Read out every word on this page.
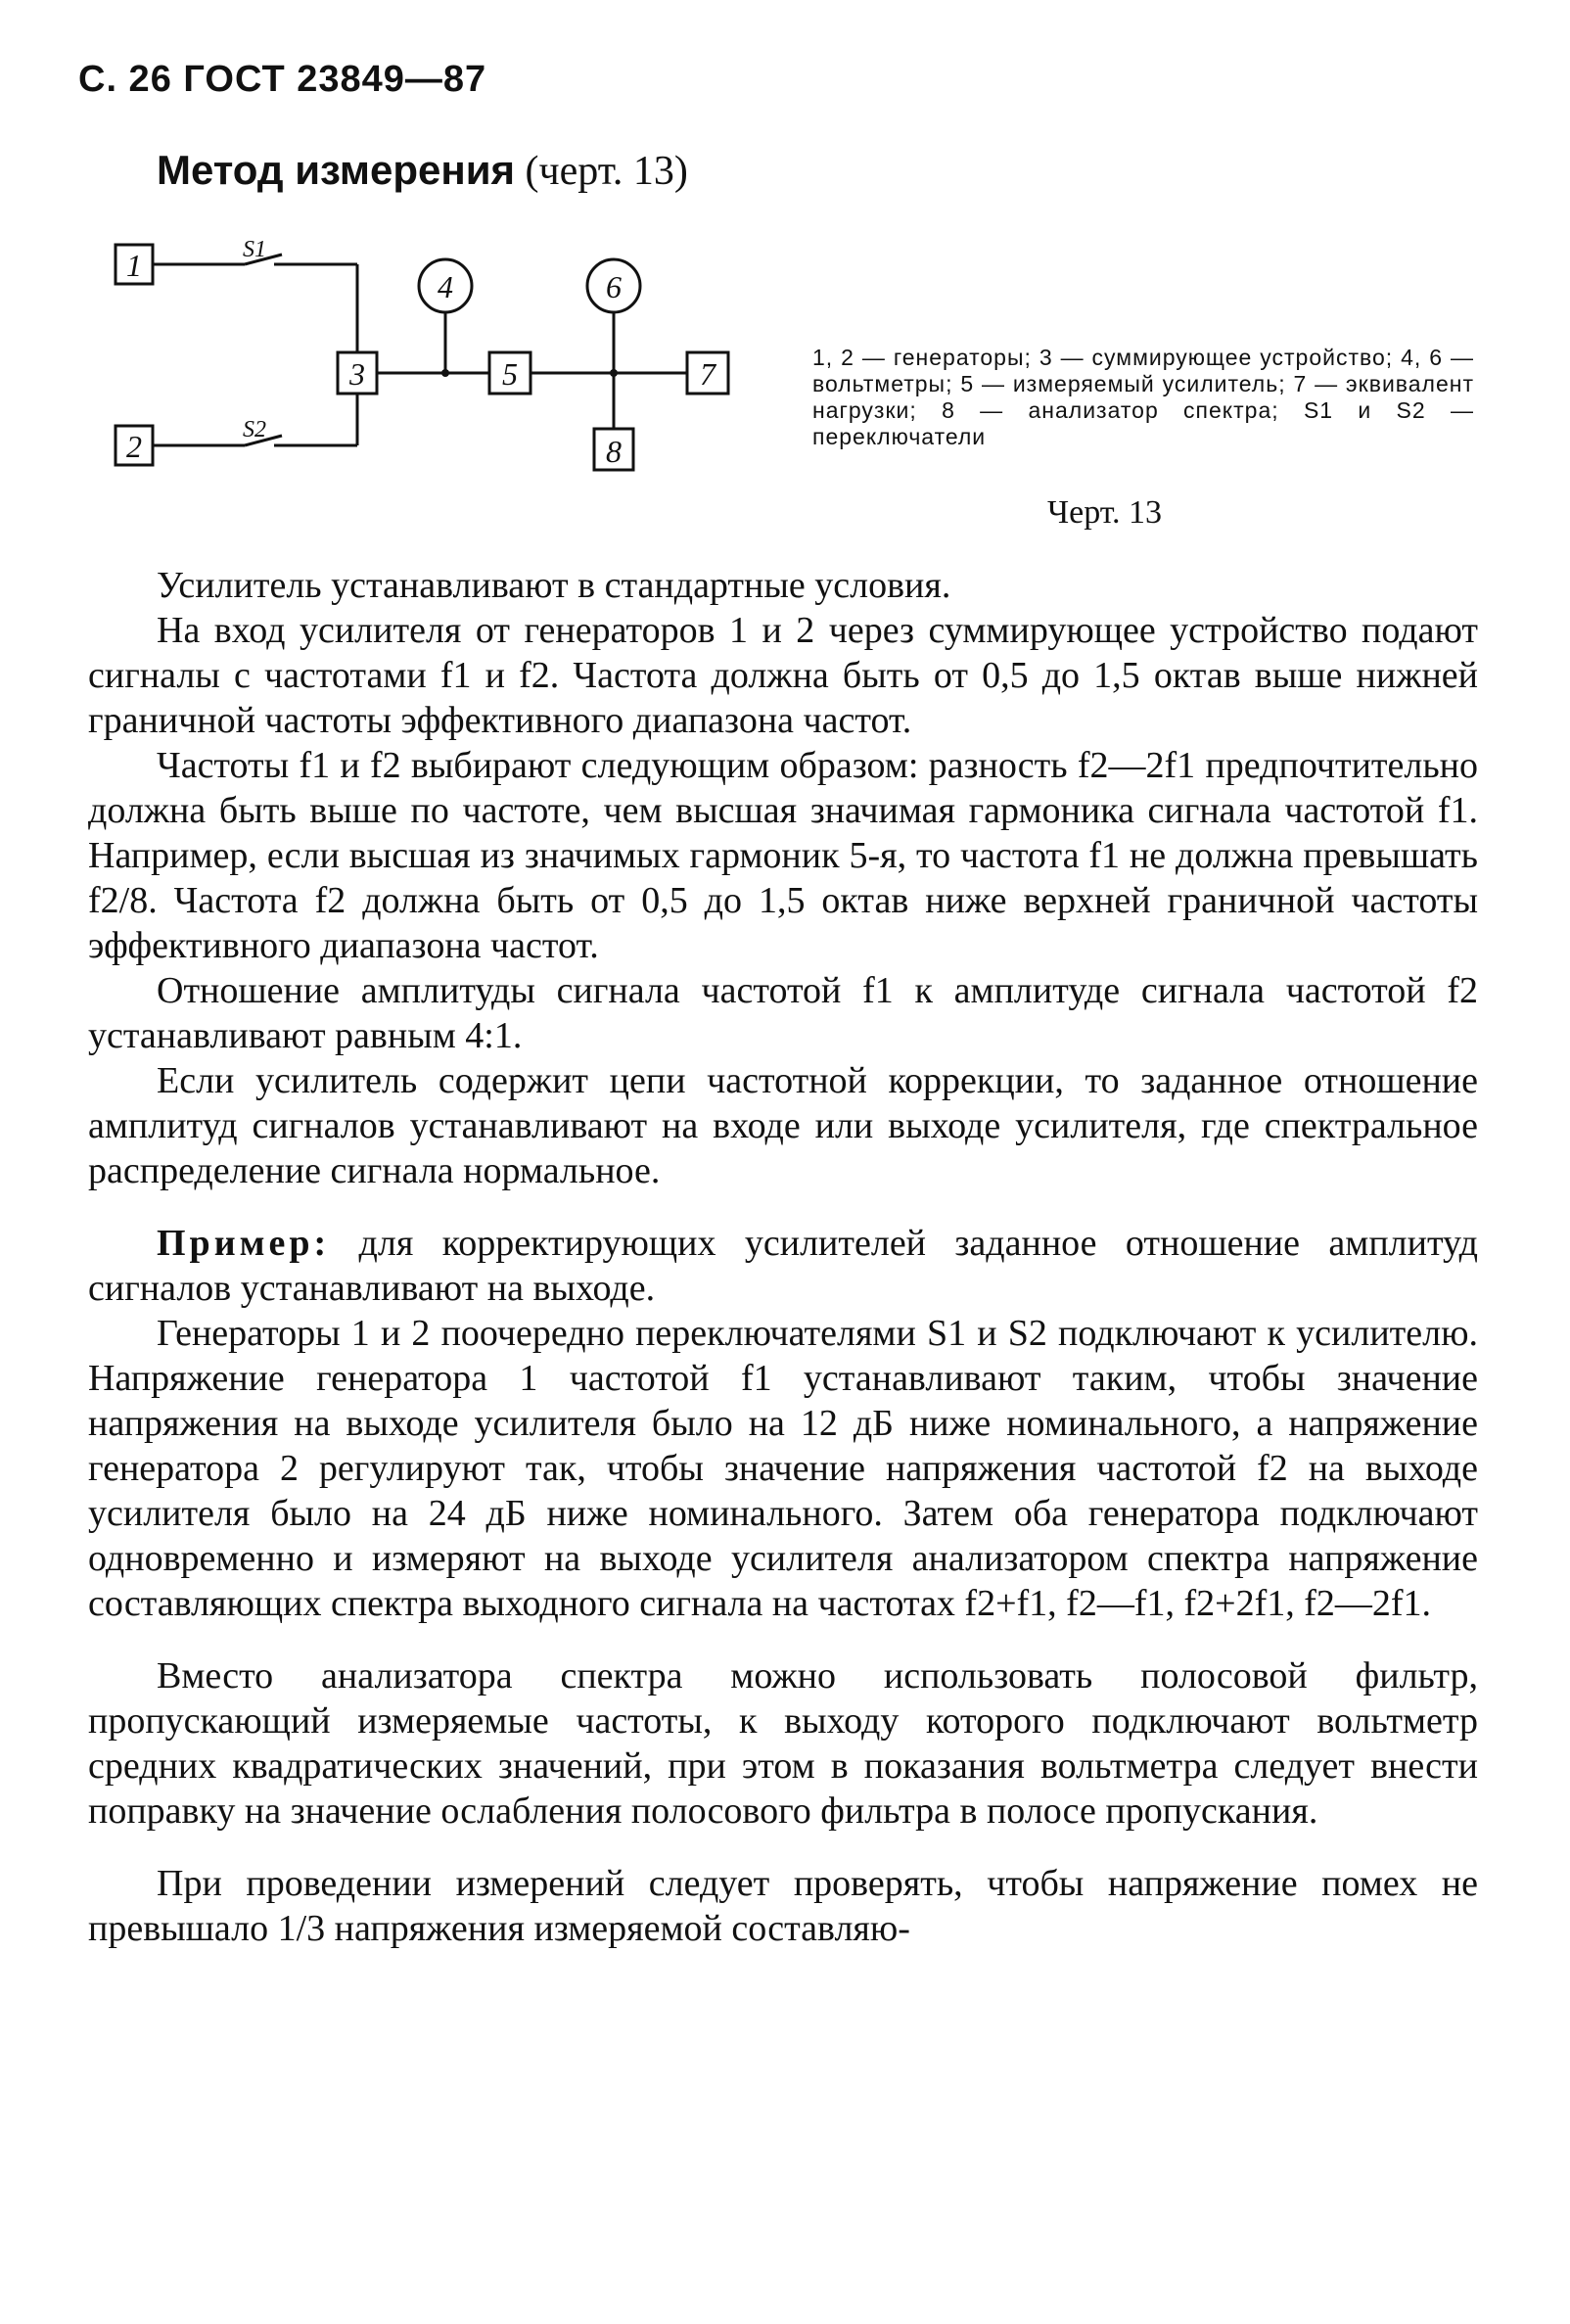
С. 26 ГОСТ 23849—87
Метод измерения (черт. 13)
1
2
3
4
5
6
7
8
S1
S2
1, 2 — генераторы; 3 — суммирующее устройство; 4, 6 — вольтметры; 5 — измеряемый усилитель; 7 — эквивалент нагрузки; 8 — анализатор спектра; S1 и S2 — переключатели
Черт. 13

Усилитель устанавливают в стандартные условия.

На вход усилителя от генераторов 1 и 2 через суммирующее устройство подают сигналы с частотами f1 и f2. Частота должна быть от 0,5 до 1,5 октав выше нижней граничной частоты эффективного диапазона частот.

Частоты f1 и f2 выбирают следующим образом: разность f2—2f1 предпочтительно должна быть выше по частоте, чем высшая значимая гармоника сигнала частотой f1. Например, если высшая из значимых гармоник 5-я, то частота f1 не должна превышать f2/8. Частота f2 должна быть от 0,5 до 1,5 октав ниже верхней граничной частоты эффективного диапазона частот.

Отношение амплитуды сигнала частотой f1 к амплитуде сигнала частотой f2 устанавливают равным 4:1.

Если усилитель содержит цепи частотной коррекции, то заданное отношение амплитуд сигналов устанавливают на входе или выходе усилителя, где спектральное распределение сигнала нормальное.

Пример: для корректирующих усилителей заданное отношение амплитуд сигналов устанавливают на выходе.

Генераторы 1 и 2 поочередно переключателями S1 и S2 подключают к усилителю. Напряжение генератора 1 частотой f1 устанавливают таким, чтобы значение напряжения на выходе усилителя было на 12 дБ ниже номинального, а напряжение генератора 2 регулируют так, чтобы значение напряжения частотой f2 на выходе усилителя было на 24 дБ ниже номинального. Затем оба генератора подключают одновременно и измеряют на выходе усилителя анализатором спектра напряжение составляющих спектра выходного сигнала на частотах f2+f1, f2—f1, f2+2f1, f2—2f1.

Вместо анализатора спектра можно использовать полосовой фильтр, пропускающий измеряемые частоты, к выходу которого подключают вольтметр средних квадратических значений, при этом в показания вольтметра следует внести поправку на значение ослабления полосового фильтра в полосе пропускания.

При проведении измерений следует проверять, чтобы напряжение помех не превышало 1/3 напряжения измеряемой составляю-
